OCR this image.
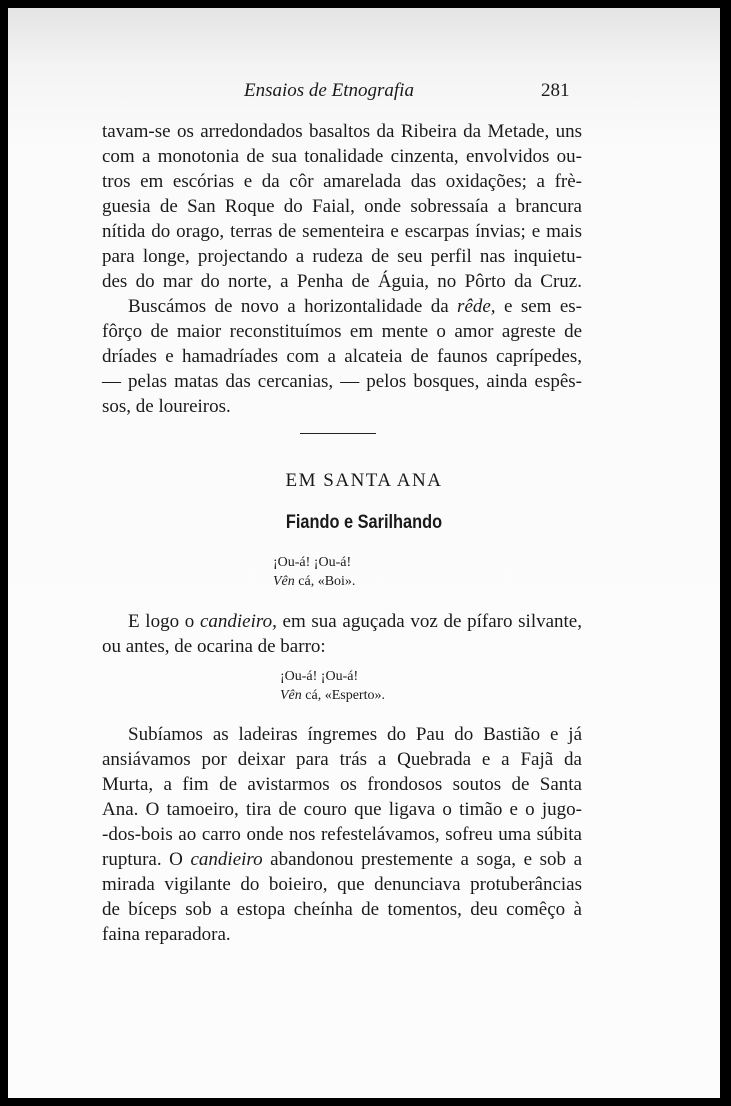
Ensaios de Etnografia	281
tavam-se os arredondados basaltos da Ribeira da Metade, uns
com a monotonia de sua tonalidade cinzenta, envolvidos ou-
tros em escórias e da côr amarelada das oxidações; a frè-
guesia de San Roque do Faial, onde sobressaía a brancura
nítida do orago, terras de sementeira e escarpas ínvias; e mais
para longe, projectando a rudeza de seu perfil nas inquietu-
des do mar do norte, a Penha de Águia, no Pôrto da Cruz.
Buscámos de novo a horizontalidade da rêde, e sem es-
fôrço de maior reconstituímos em mente o amor agreste de
dríades e hamadríades com a alcateia de faunos caprípedes,
— pelas matas das cercanias, — pelos bosques, ainda espês-
sos, de loureiros.
EM SANTA ANA
Fiando e Sarilhando
¡Ou-á! ¡Ou-á!
Vên cá, «Boi».
E logo o candieiro, em sua aguçada voz de pífaro silvante,
ou antes, de ocarina de barro:
¡Ou-á! ¡Ou-á!
Vên cá, «Esperto».
Subíamos as ladeiras íngremes do Pau do Bastião e já
ansiávamos por deixar para trás a Quebrada e a Fajã da
Murta, a fim de avistarmos os frondosos soutos de Santa
Ana. O tamoeiro, tira de couro que ligava o timão e o jugo-
-dos-bois ao carro onde nos refestelávamos, sofreu uma súbita
ruptura. O candieiro abandonou prestemente a soga, e sob a
mirada vigilante do boieiro, que denunciava protuberâncias
de bíceps sob a estopa cheínha de tomentos, deu comêço à
faina reparadora.
